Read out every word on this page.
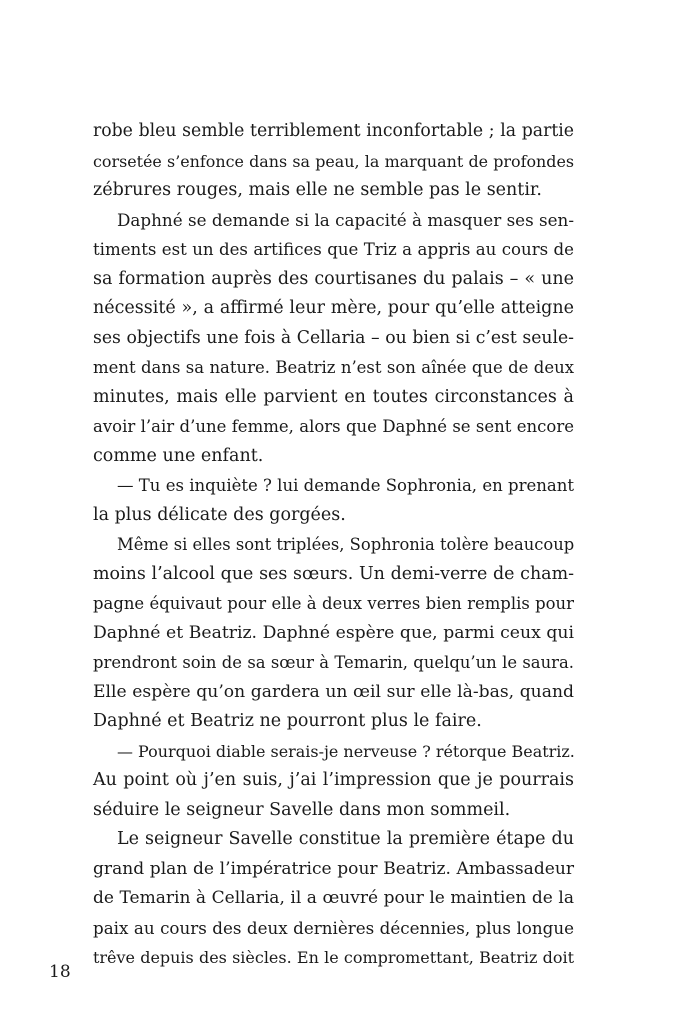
robe bleu semble terriblement inconfortable ; la partie
corsetée s’enfonce dans sa peau, la marquant de profondes
zébrures rouges, mais elle ne semble pas le sentir.
Daphné se demande si la capacité à masquer ses sen-
timents est un des artifices que Triz a appris au cours de
sa formation auprès des courtisanes du palais – « une
nécessité », a affirmé leur mère, pour qu’elle atteigne
ses objectifs une fois à Cellaria – ou bien si c’est seule-
ment dans sa nature. Beatriz n’est son aînée que de deux
minutes, mais elle parvient en toutes circonstances à
avoir l’air d’une femme, alors que Daphné se sent encore
comme une enfant.
— Tu es inquiète ? lui demande Sophronia, en prenant
la plus délicate des gorgées.
Même si elles sont triplées, Sophronia tolère beaucoup
moins l’alcool que ses sœurs. Un demi-verre de cham-
pagne équivaut pour elle à deux verres bien remplis pour
Daphné et Beatriz. Daphné espère que, parmi ceux qui
prendront soin de sa sœur à Temarin, quelqu’un le saura.
Elle espère qu’on gardera un œil sur elle là-bas, quand
Daphné et Beatriz ne pourront plus le faire.
— Pourquoi diable serais-je nerveuse ? rétorque Beatriz.
Au point où j’en suis, j’ai l’impression que je pourrais
séduire le seigneur Savelle dans mon sommeil.
Le seigneur Savelle constitue la première étape du
grand plan de l’impératrice pour Beatriz. Ambassadeur
de Temarin à Cellaria, il a œuvré pour le maintien de la
paix au cours des deux dernières décennies, plus longue
trêve depuis des siècles. En le compromettant, Beatriz doit
18
